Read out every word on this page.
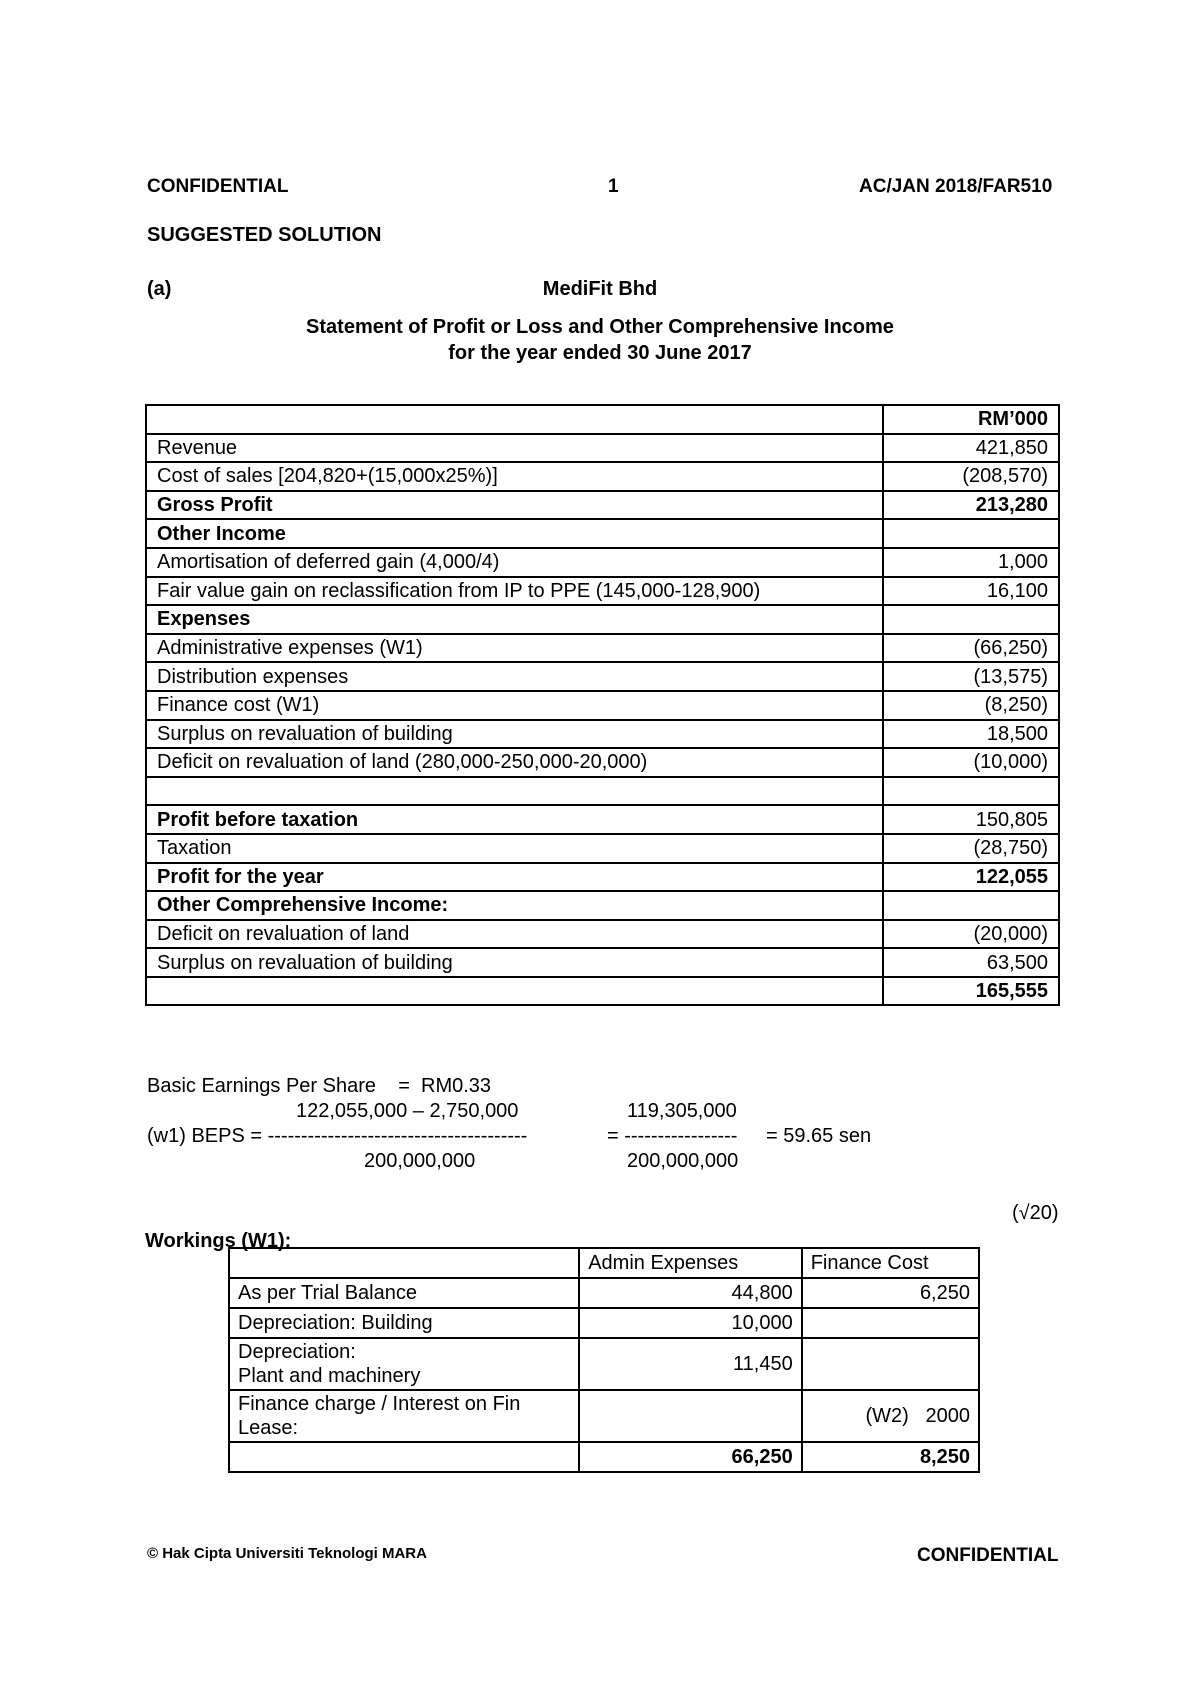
CONFIDENTIAL	1	AC/JAN 2018/FAR510
SUGGESTED SOLUTION
(a)	MediFit Bhd
Statement of Profit or Loss and Other Comprehensive Income
for the year ended 30 June 2017
	RM’000
Revenue	421,850
Cost of sales [204,820+(15,000x25%)]	(208,570)
Gross Profit	213,280
Other Income	
Amortisation of deferred gain (4,000/4)	1,000
Fair value gain on reclassification from IP to PPE (145,000-128,900)	16,100
Expenses	
Administrative expenses (W1)	(66,250)
Distribution expenses	(13,575)
Finance cost (W1)	(8,250)
Surplus on revaluation of building	18,500
Deficit on revaluation of land (280,000-250,000-20,000)	(10,000)

Profit before taxation	150,805
Taxation	(28,750)
Profit for the year	122,055
Other Comprehensive Income:	
Deficit on revaluation of land	(20,000)
Surplus on revaluation of building	63,500
	165,555
Basic Earnings Per Share    =  RM0.33
122,055,000 – 2,750,000	119,305,000
(w1) BEPS = ---------------------------------------	= ----------------- = 59.65 sen
200,000,000	200,000,000
(√20)
Workings (W1):
	Admin Expenses	Finance Cost
As per Trial Balance	44,800	6,250
Depreciation: Building	10,000	

Depreciation:
Plant and machinery	11,450	

Finance charge / Interest on Fin
Lease:		(W2) 2000
	66,250	8,250
© Hak Cipta Universiti Teknologi MARA	CONFIDENTIAL
